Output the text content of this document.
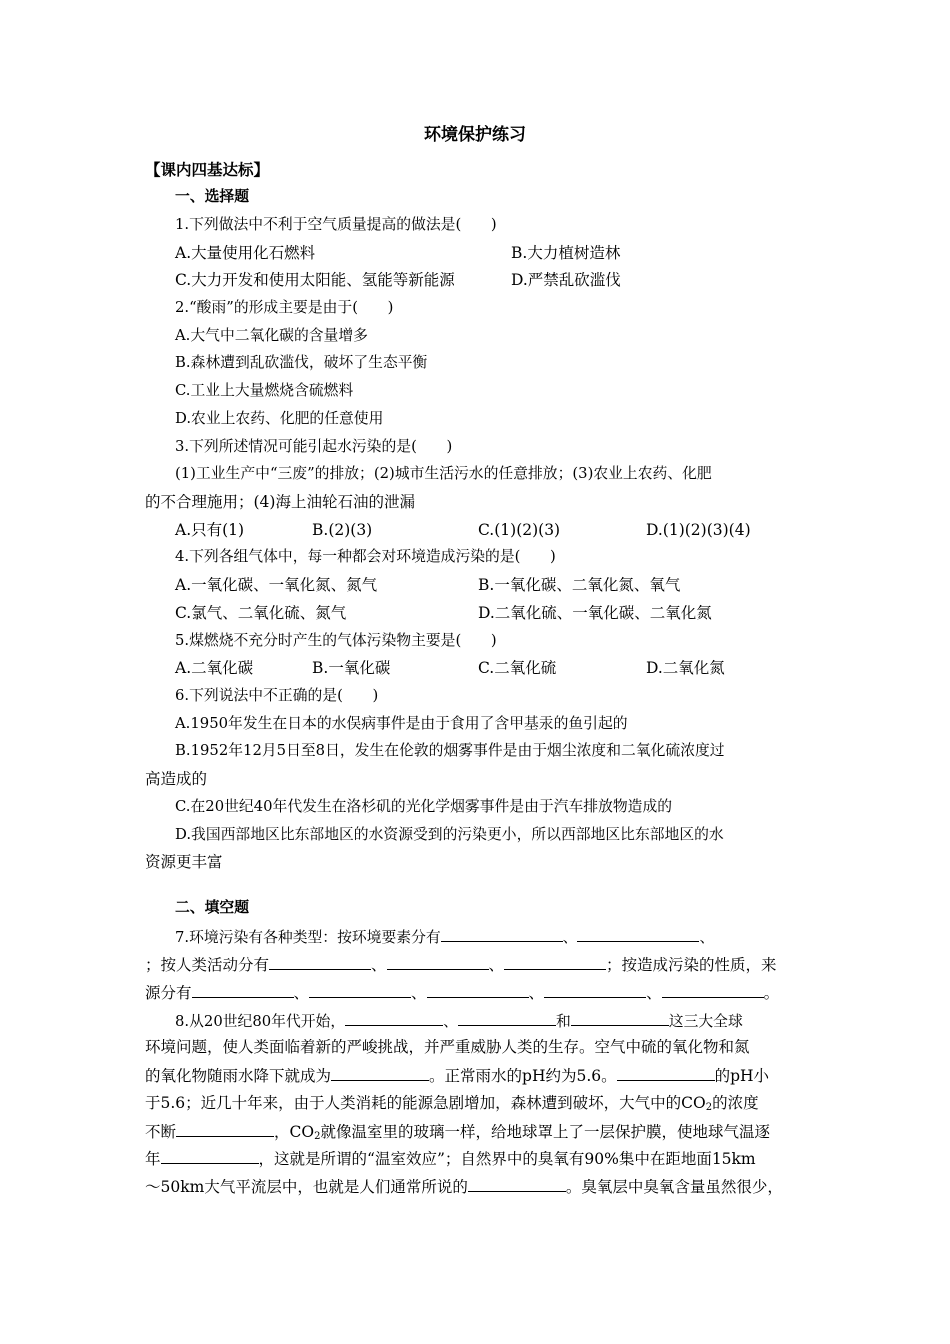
环境保护练习
【课内四基达标】
一、选择题
1.下列做法中不利于空气质量提高的做法是(　　)
A.大量使用化石燃料	B.大力植树造林
C.大力开发和使用太阳能、氢能等新能源	D.严禁乱砍滥伐
2.“酸雨”的形成主要是由于(　　)
A.大气中二氧化碳的含量增多
B.森林遭到乱砍滥伐，破坏了生态平衡
C.工业上大量燃烧含硫燃料
D.农业上农药、化肥的任意使用
3.下列所述情况可能引起水污染的是(　　)
(1)工业生产中“三废”的排放；(2)城市生活污水的任意排放；(3)农业上农药、化肥
的不合理施用；(4)海上油轮石油的泄漏
A.只有(1)	B.(2)(3)	C.(1)(2)(3)	D.(1)(2)(3)(4)
4.下列各组气体中，每一种都会对环境造成污染的是(　　)
A.一氧化碳、一氧化氮、氮气	B.一氧化碳、二氧化氮、氧气
C.氯气、二氧化硫、氮气	D.二氧化硫、一氧化碳、二氧化氮
5.煤燃烧不充分时产生的气体污染物主要是(　　)
A.二氧化碳	B.一氧化碳	C.二氧化硫	D.二氧化氮
6.下列说法中不正确的是(　　)
A.1950年发生在日本的水俣病事件是由于食用了含甲基汞的鱼引起的
B.1952年12月5日至8日，发生在伦敦的烟雾事件是由于烟尘浓度和二氧化硫浓度过
高造成的
C.在20世纪40年代发生在洛杉矶的光化学烟雾事件是由于汽车排放物造成的
D.我国西部地区比东部地区的水资源受到的污染更小，所以西部地区比东部地区的水
资源更丰富
二、填空题
7.环境污染有各种类型：按环境要素分有	、	、
；按人类活动分有	、	、	；按造成污染的性质，来
源分有	、	、	、	、	。
8.从20世纪80年代开始，	、	和	这三大全球
环境问题，使人类面临着新的严峻挑战，并严重威胁人类的生存。空气中硫的氧化物和氮
的氧化物随雨水降下就成为	。正常雨水的pH约为5.6。	的pH小
于5.6；近几十年来，由于人类消耗的能源急剧增加，森林遭到破坏，大气中的$CO_2$的浓度
不断	，$CO_2$就像温室里的玻璃一样，给地球罩上了一层保护膜，使地球气温逐
年	，这就是所谓的“温室效应”；自然界中的臭氧有90%集中在距地面15km
～50km大气平流层中，也就是人们通常所说的	。臭氧层中臭氧含量虽然很少，
